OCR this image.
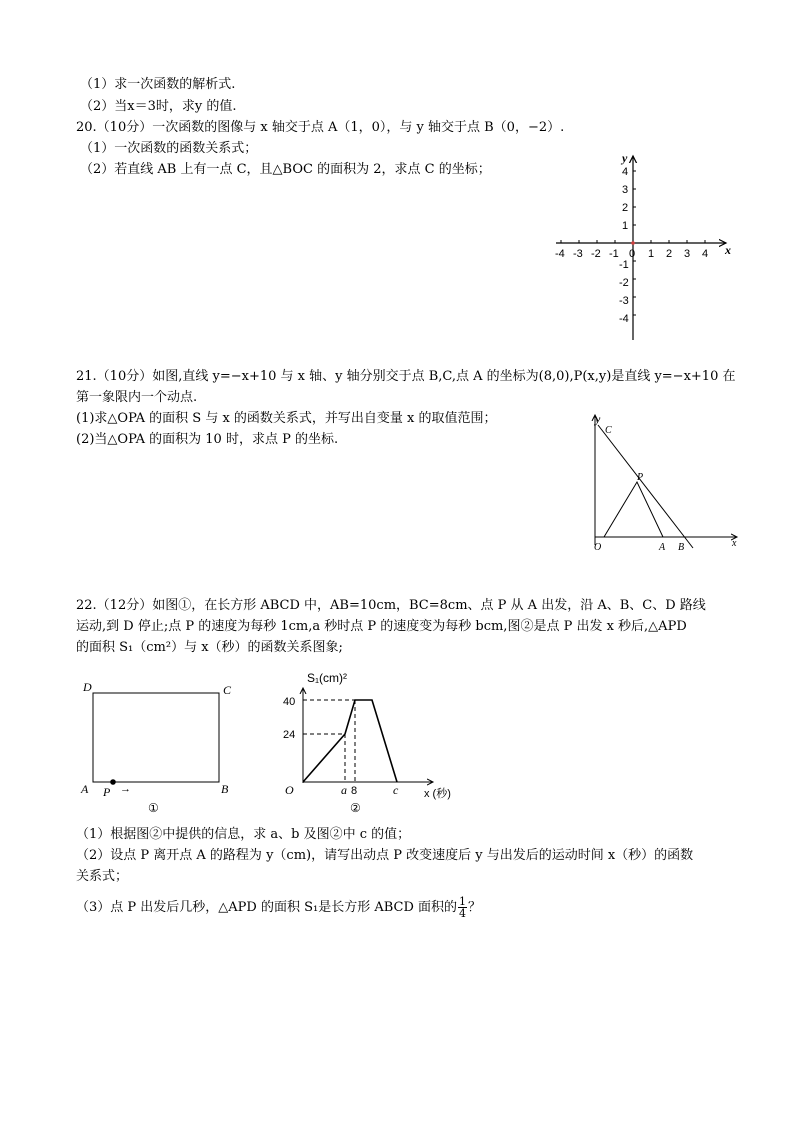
（1）求一次函数的解析式.
（2）当x＝3时，求y 的值.
20.（10分）一次函数的图像与 x 轴交于点 A（1，0），与 y 轴交于点 B（0，−2）.
（1）一次函数的函数关系式；
（2）若直线 AB 上有一点 C，且△BOC 的面积为 2，求点 C 的坐标；
-4 -3 -2 -1 0 1 2 3 4 x
y
4
3
2
1
-1
-2
-3
-4
21.（10分）如图,直线 y=−x+10 与 x 轴、y 轴分别交于点 B,C,点 A 的坐标为(8,0),P(x,y)是直线 y=−x+10 在
第一象限内一个动点.
(1)求△OPA 的面积 S 与 x 的函数关系式，并写出自变量 x 的取值范围；
(2)当△OPA 的面积为 10 时，求点 P 的坐标.
y
C
P
O	A B	x
22.（12分）如图①，在长方形 ABCD 中，AB=10cm，BC=8cm、点 P 从 A 出发，沿 A、B、C、D 路线
运动,到 D 停止;点 P 的速度为每秒 1cm,a 秒时点 P 的速度变为每秒 bcm,图②是点 P 出发 x 秒后,△APD
的面积 S₁（cm²）与 x（秒）的函数关系图象;
D	C
A	B
P →
①
S₁(cm)²
40
24
O	a 8	c x (秒)
②
（1）根据图②中提供的信息，求 a、b 及图②中 c 的值；
（2）设点 P 离开点 A 的路程为 y（cm)，请写出动点 P 改变速度后 y 与出发后的运动时间 x（秒）的函数
关系式；
（3）点 P 出发后几秒，△APD 的面积 S₁是长方形 ABCD 面积的 $\frac{1}{4}$ ？
